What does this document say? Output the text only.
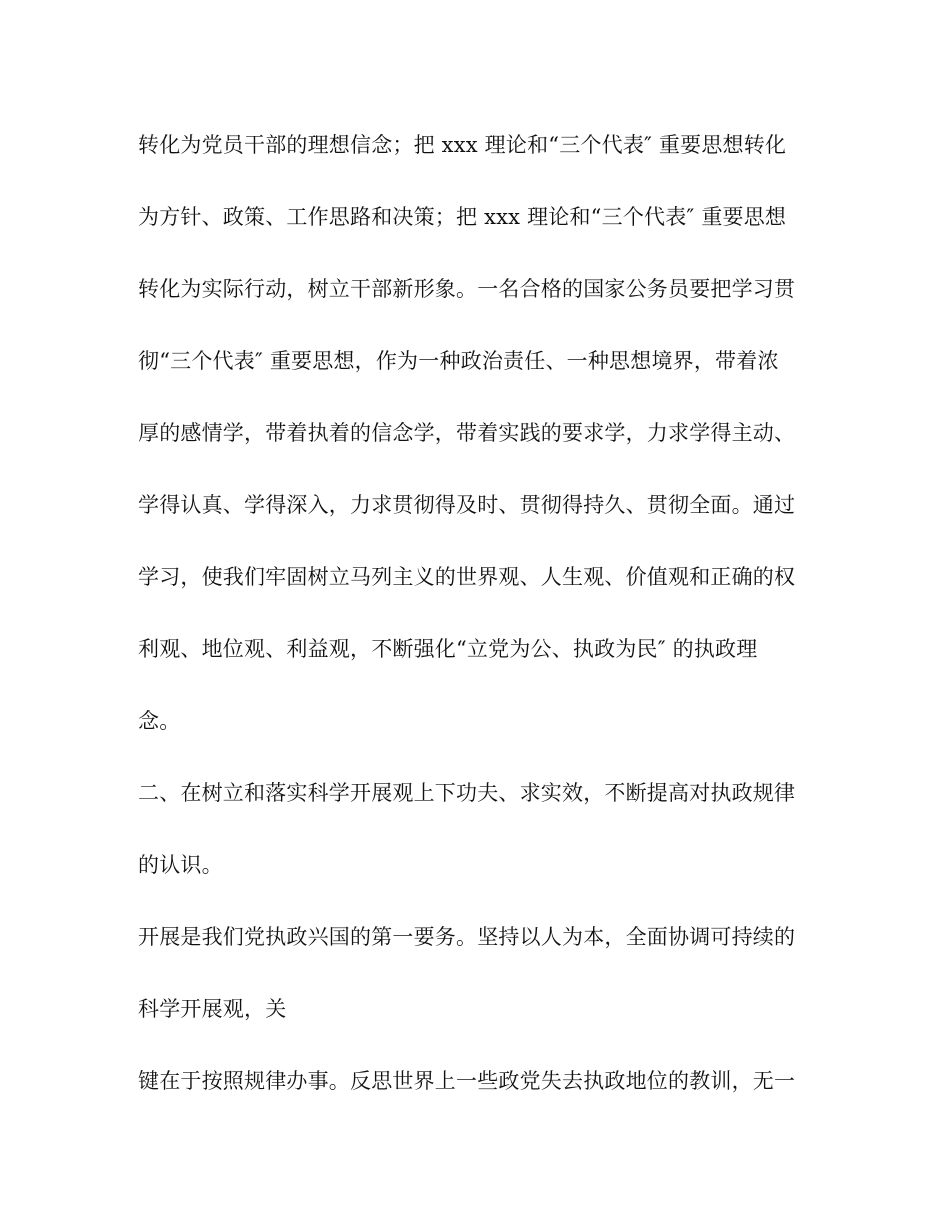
转化为党员干部的理想信念；把 xxx 理论和“三个代表″ 重要思想转化
为方针、政策、工作思路和决策；把 xxx 理论和“三个代表″ 重要思想
转化为实际行动，树立干部新形象。一名合格的国家公务员要把学习贯
彻“三个代表″ 重要思想，作为一种政治责任、一种思想境界，带着浓
厚的感情学，带着执着的信念学，带着实践的要求学，力求学得主动、
学得认真、学得深入，力求贯彻得及时、贯彻得持久、贯彻全面。通过
学习，使我们牢固树立马列主义的世界观、人生观、价值观和正确的权
利观、地位观、利益观，不断强化“立党为公、执政为民″ 的执政理
念。
二、在树立和落实科学开展观上下功夫、求实效，不断提高对执政规律
的认识。
开展是我们党执政兴国的第一要务。坚持以人为本，全面协调可持续的
科学开展观，关
键在于按照规律办事。反思世界上一些政党失去执政地位的教训，无一
